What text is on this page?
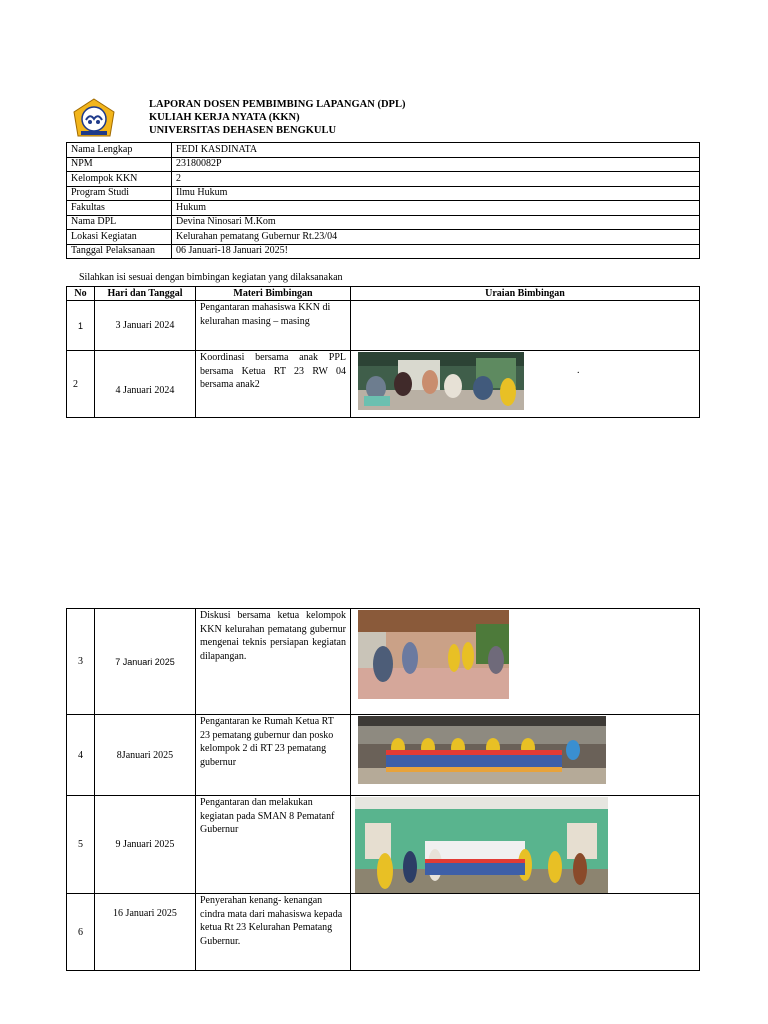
LAPORAN DOSEN PEMBIMBING LAPANGAN (DPL)
KULIAH KERJA NYATA (KKN)
UNIVERSITAS DEHASEN BENGKULU
Nama Lengkap	FEDI KASDINATA
NPM	23180082P
Kelompok KKN	2
Program Studi	Ilmu Hukum
Fakultas	Hukum
Nama DPL	Devina Ninosari M.Kom
Lokasi Kegiatan	Kelurahan pematang Gubernur Rt.23/04
Tanggal Pelaksanaan	06 Januari-18 Januari 2025!
Silahkan isi sesuai dengan bimbingan kegiatan yang dilaksanakan
No	Hari dan Tanggal	Materi Bimbingan	Uraian Bimbingan
1	3 Januari 2024	Pengantaran mahasiswa KKN di kelurahan masing – masing	
2	4 Januari 2024	Koordinasi bersama anak PPL bersama Ketua RT 23 RW 04 bersama anak2	.
3	7 Januari 2025	Diskusi bersama ketua kelompok KKN kelurahan pematang gubernur mengenai teknis persiapan kegiatan dilapangan.	

4	8Januari 2025	Pengantaran ke Rumah Ketua RT 23 pematang gubernur dan posko kelompok 2 di RT 23 pematang gubernur	

5	9 Januari 2025	Pengantaran dan melakukan kegiatan pada SMAN 8 Pematanf Gubernur	

6	16 Januari 2025	Penyerahan kenang- kenangan cindra mata dari mahasiswa kepada ketua Rt 23 Kelurahan Pematang Gubernur.	
